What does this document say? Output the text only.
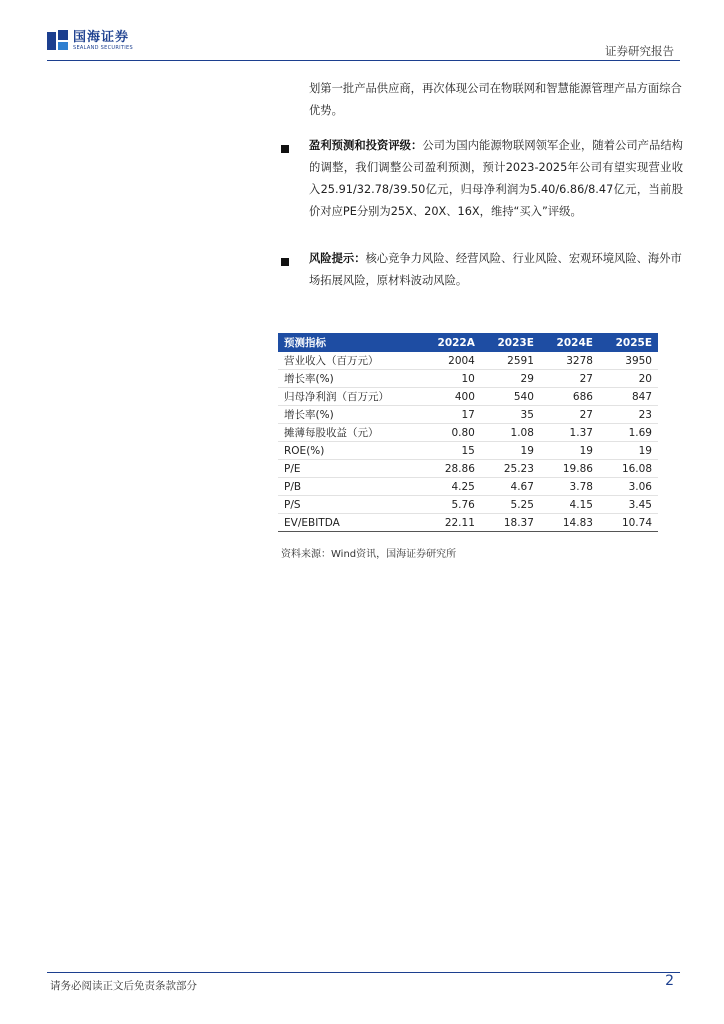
国海证券
SEALAND SECURITIES	证券研究报告
划第一批产品供应商，再次体现公司在物联网和智慧能源管理产品方面综合优势。
盈利预测和投资评级：公司为国内能源物联网领军企业，随着公司产品结构的调整，我们调整公司盈利预测，预计2023-2025年公司有望实现营业收入25.91/32.78/39.50亿元，归母净利润为5.40/6.86/8.47亿元，当前股价对应PE分别为25X、20X、16X，维持“买入”评级。
风险提示：核心竞争力风险、经营风险、行业风险、宏观环境风险、海外市场拓展风险，原材料波动风险。
预测指标	2022A	2023E	2024E	2025E
营业收入（百万元）	2004	2591	3278	3950
增长率(%)	10	29	27	20
归母净利润（百万元）	400	540	686	847
增长率(%)	17	35	27	23
摊薄每股收益（元）	0.80	1.08	1.37	1.69
ROE(%)	15	19	19	19
P/E	28.86	25.23	19.86	16.08
P/B	4.25	4.67	3.78	3.06
P/S	5.76	5.25	4.15	3.45
EV/EBITDA	22.11	18.37	14.83	10.74
资料来源：Wind资讯，国海证券研究所
请务必阅读正文后免责条款部分	2
